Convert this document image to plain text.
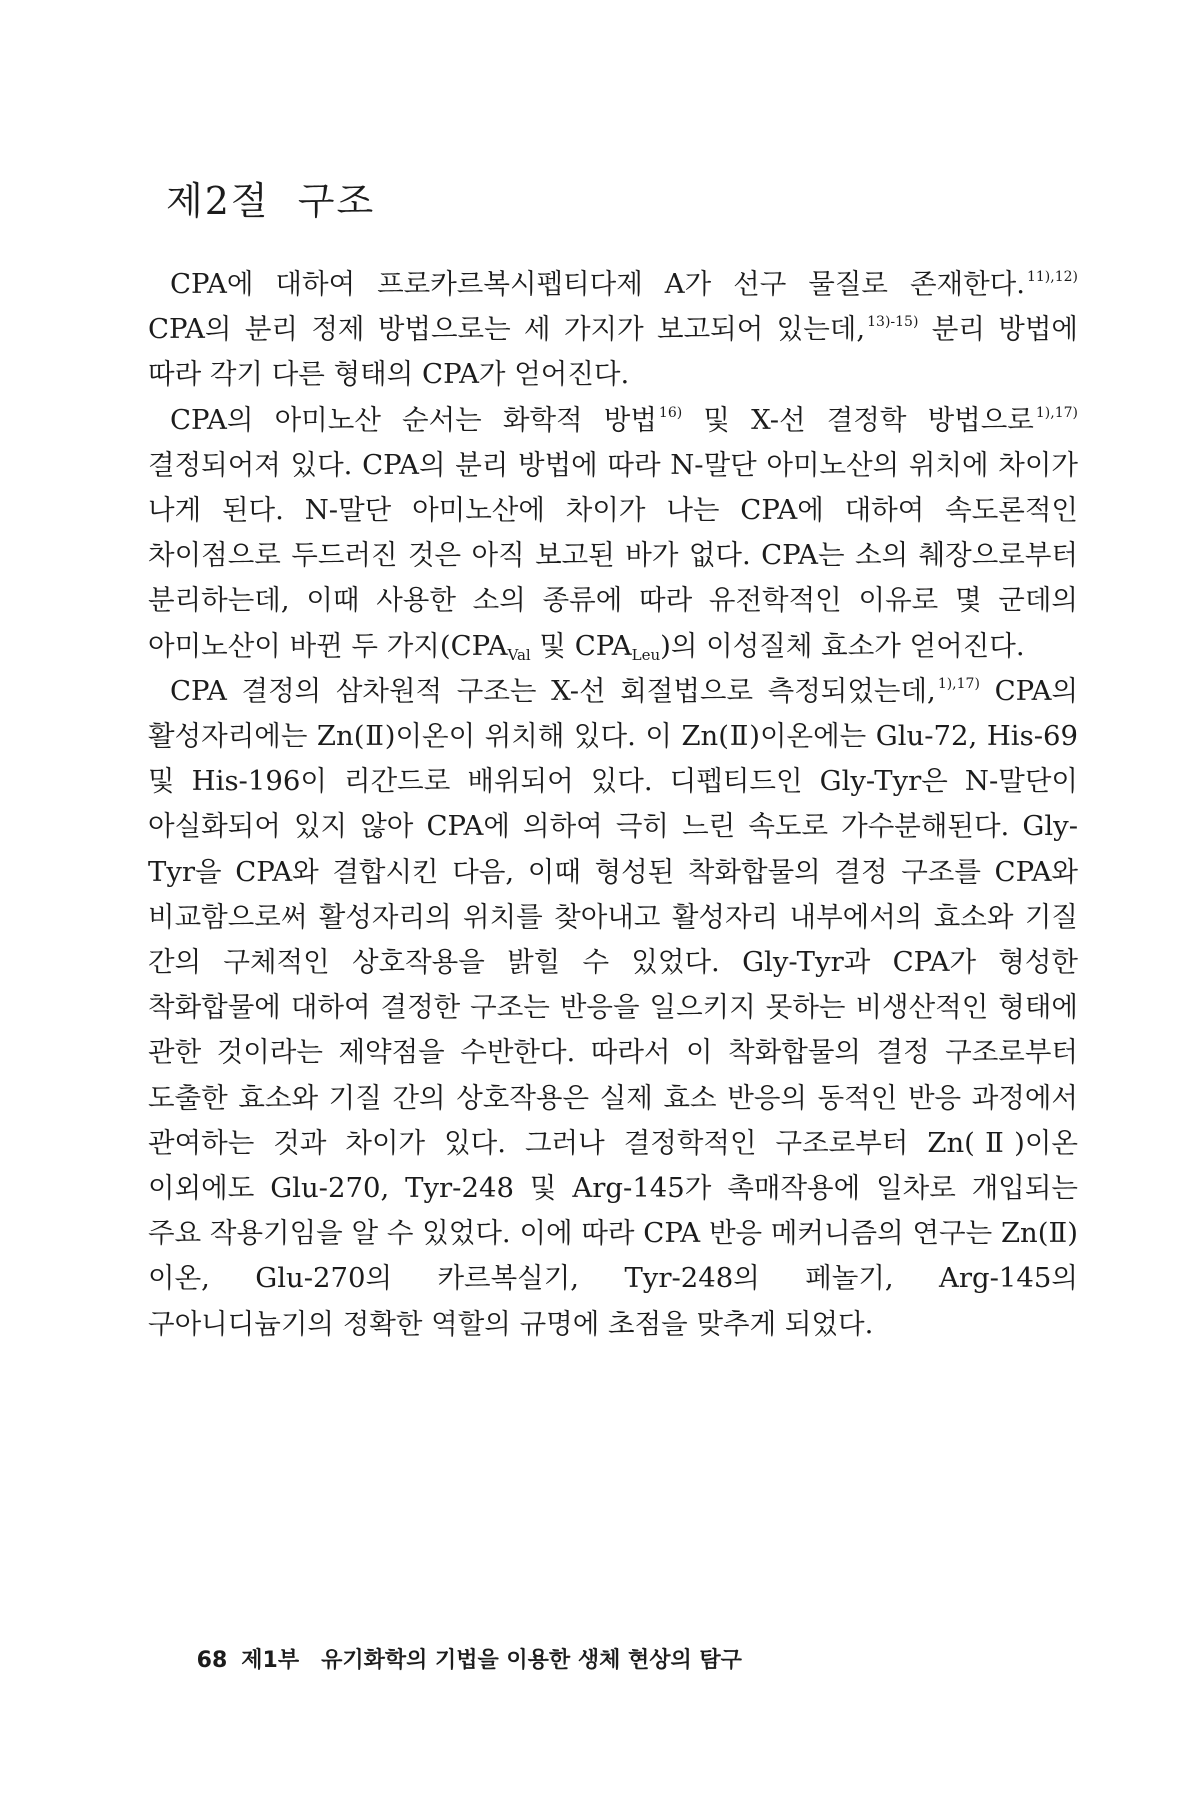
제2절  구조

CPA에 대하여 프로카르복시펩티다제 A가 선구 물질로 존재한다. $^{11),12)}$ CPA의 분리 정제 방법으로는 세 가지가 보고되어 있는데, $^{13)-15)}$ 분리 방법에 따라 각기 다른 형태의 CPA가 얻어진다.

CPA의 아미노산 순서는 화학적 방법 $^{16)}$ 및 X-선 결정학 방법으로 $^{1),17)}$ 결정되어져 있다. CPA의 분리 방법에 따라 N-말단 아미노산의 위치에 차이가 나게 된다. N-말단 아미노산에 차이가 나는 CPA에 대하여 속도론적인 차이점으로 두드러진 것은 아직 보고된 바가 없다. CPA는 소의 췌장으로부터 분리하는데, 이때 사용한 소의 종류에 따라 유전학적인 이유로 몇 군데의 아미노산이 바뀐 두 가지($CPA_{Val}$ 및 $CPA_{Leu}$)의 이성질체 효소가 얻어진다.

CPA 결정의 삼차원적 구조는 X-선 회절법으로 측정되었는데, $^{1),17)}$ CPA의 활성자리에는 Zn(Ⅱ)이온이 위치해 있다. 이 Zn(Ⅱ)이온에는 Glu-72, His-69 및 His-196이 리간드로 배위되어 있다. 디펩티드인 Gly-Tyr은 N-말단이 아실화되어 있지 않아 CPA에 의하여 극히 느린 속도로 가수분해된다. Gly-Tyr을 CPA와 결합시킨 다음, 이때 형성된 착화합물의 결정 구조를 CPA와 비교함으로써 활성자리의 위치를 찾아내고 활성자리 내부에서의 효소와 기질 간의 구체적인 상호작용을 밝힐 수 있었다. Gly-Tyr과 CPA가 형성한 착화합물에 대하여 결정한 구조는 반응을 일으키지 못하는 비생산적인 형태에 관한 것이라는 제약점을 수반한다. 따라서 이 착화합물의 결정 구조로부터 도출한 효소와 기질 간의 상호작용은 실제 효소 반응의 동적인 반응 과정에서 관여하는 것과 차이가 있다. 그러나 결정학적인 구조로부터 Zn(Ⅱ)이온 이외에도 Glu-270, Tyr-248 및 Arg-145가 촉매작용에 일차로 개입되는 주요 작용기임을 알 수 있었다. 이에 따라 CPA 반응 메커니즘의 연구는 Zn(Ⅱ)이온, Glu-270의 카르복실기, Tyr-248의 페놀기, Arg-145의 구아니디늄기의 정확한 역할의 규명에 초점을 맞추게 되었다.

68 제1부 유기화학의 기법을 이용한 생체 현상의 탐구
